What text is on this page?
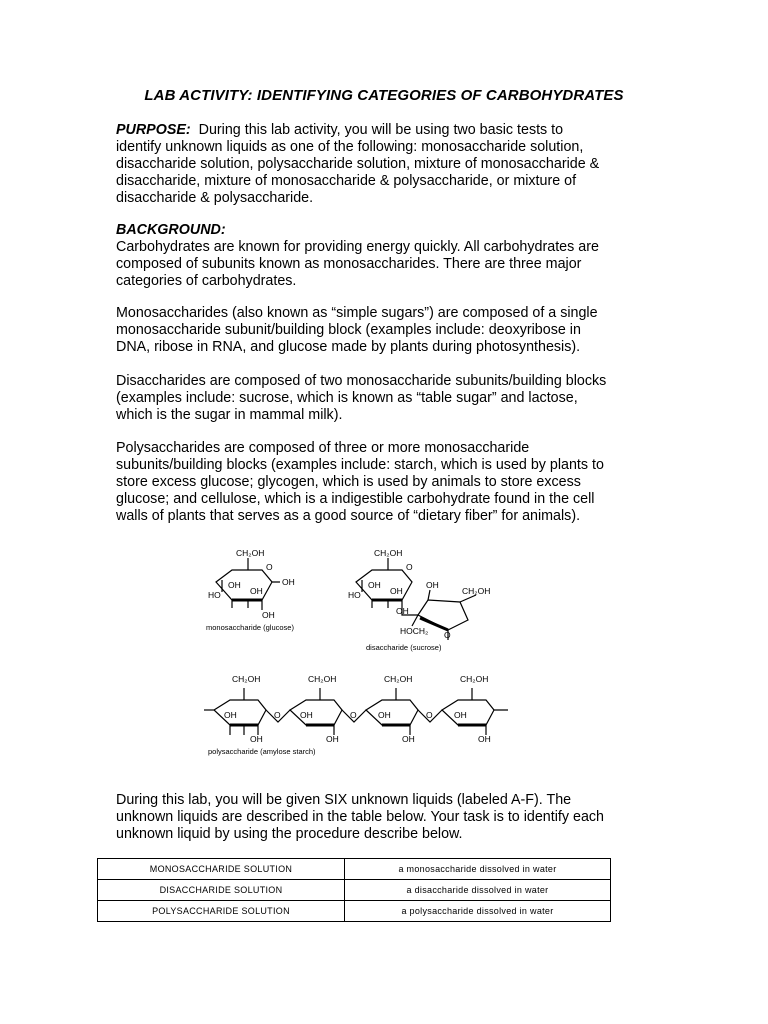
LAB ACTIVITY: IDENTIFYING CATEGORIES OF CARBOHYDRATES
PURPOSE: During this lab activity, you will be using two basic tests to
identify unknown liquids as one of the following: monosaccharide solution,
disaccharide solution, polysaccharide solution, mixture of monosaccharide &
disaccharide, mixture of monosaccharide & polysaccharide, or mixture of
disaccharide & polysaccharide.
BACKGROUND:
Carbohydrates are known for providing energy quickly. All carbohydrates are
composed of subunits known as monosaccharides. There are three major
categories of carbohydrates.
Monosaccharides (also known as “simple sugars”) are composed of a single
monosaccharide subunit/building block (examples include: deoxyribose in
DNA, ribose in RNA, and glucose made by plants during photosynthesis).
Disaccharides are composed of two monosaccharide subunits/building blocks
(examples include: sucrose, which is known as “table sugar” and lactose,
which is the sugar in mammal milk).
Polysaccharides are composed of three or more monosaccharide
subunits/building blocks (examples include: starch, which is used by plants to
store excess glucose; glycogen, which is used by animals to store excess
glucose; and cellulose, which is a indigestible carbohydrate found in the cell
walls of plants that serves as a good source of “dietary fiber” for animals).
CH₂OH
O
OH
HO	OH
OH
OH
monosaccharide (glucose)
CH₂OH
O
OH
HO	OH
OH
OH
CH₂OH
O
HOCH₂
disaccharide (sucrose)
CH₂OH	CH₂OH	CH₂OH	CH₂OH
OH	OH	OH	OH
OH	OH	OH	OH
O	O	O
polysaccharide (amylose starch)
During this lab, you will be given SIX unknown liquids (labeled A-F). The
unknown liquids are described in the table below. Your task is to identify each
unknown liquid by using the procedure describe below.
MONOSACCHARIDE SOLUTION	a monosaccharide dissolved in water
DISACCHARIDE SOLUTION	a disaccharide dissolved in water
POLYSACCHARIDE SOLUTION	a polysaccharide dissolved in water
